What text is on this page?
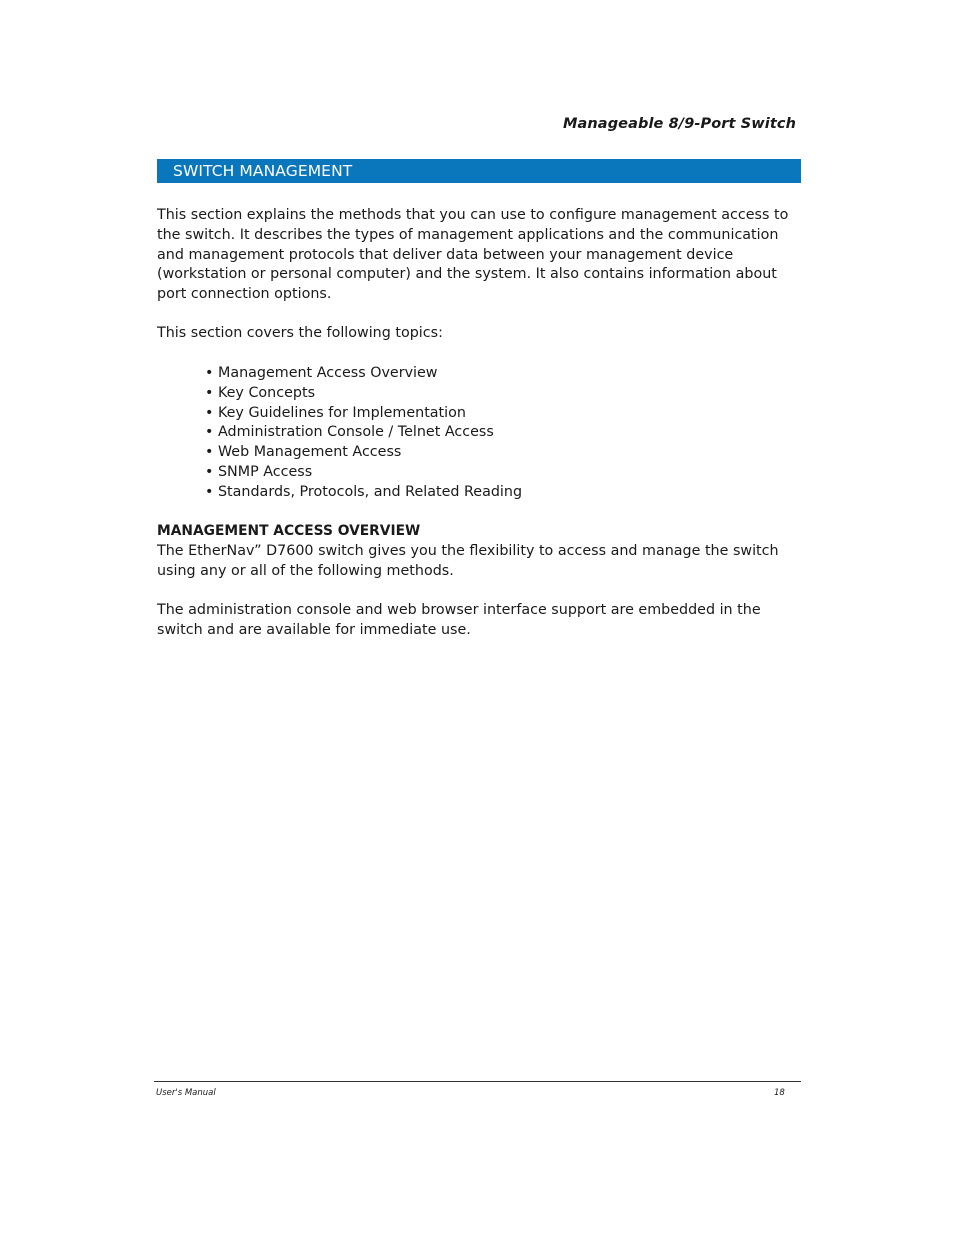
Manageable 8/9-Port Switch
SWITCH MANAGEMENT

This section explains the methods that you can use to configure management access to the switch. It describes the types of management applications and the communication and management protocols that deliver data between your management device (workstation or personal computer) and the system. It also contains information about port connection options.

This section covers the following topics:

• Management Access Overview
• Key Concepts
• Key Guidelines for Implementation
• Administration Console / Telnet Access
• Web Management Access
• SNMP Access
• Standards, Protocols, and Related Reading
MANAGEMENT ACCESS OVERVIEW

The EtherNav” D7600 switch gives you the flexibility to access and manage the switch using any or all of the following methods.

The administration console and web browser interface support are embedded in the switch and are available for immediate use.

User's Manual	18
